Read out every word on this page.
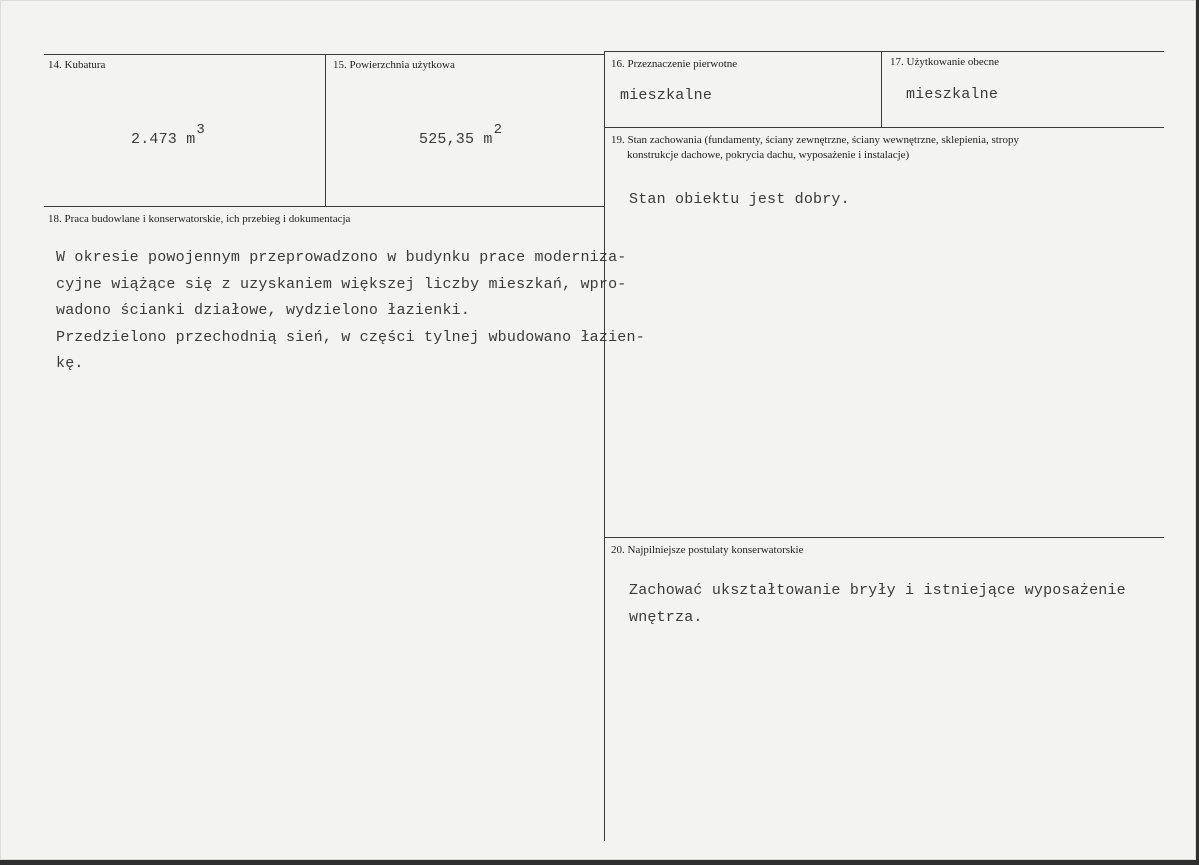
14. Kubatura
2.473 m3
15. Powierzchnia użytkowa
525,35 m2
16. Przeznaczenie pierwotne
mieszkalne
17. Użytkowanie obecne
mieszkalne
19. Stan zachowania (fundamenty, ściany zewnętrzne, ściany wewnętrzne, sklepienia, stropy
konstrukcje dachowe, pokrycia dachu, wyposażenie i instalacje)
Stan obiektu jest dobry.
18. Praca budowlane i konserwatorskie, ich przebieg i dokumentacja
W okresie powojennym przeprowadzono w budynku prace moderniza-
cyjne wiążące się z uzyskaniem większej liczby mieszkań, wpro-
wadono ścianki działowe, wydzielono łazienki.
Przedzielono przechodnią sień, w części tylnej wbudowano łazien-
kę.
20. Najpilniejsze postulaty konserwatorskie
Zachować ukształtowanie bryły i istniejące wyposażenie
wnętrza.
